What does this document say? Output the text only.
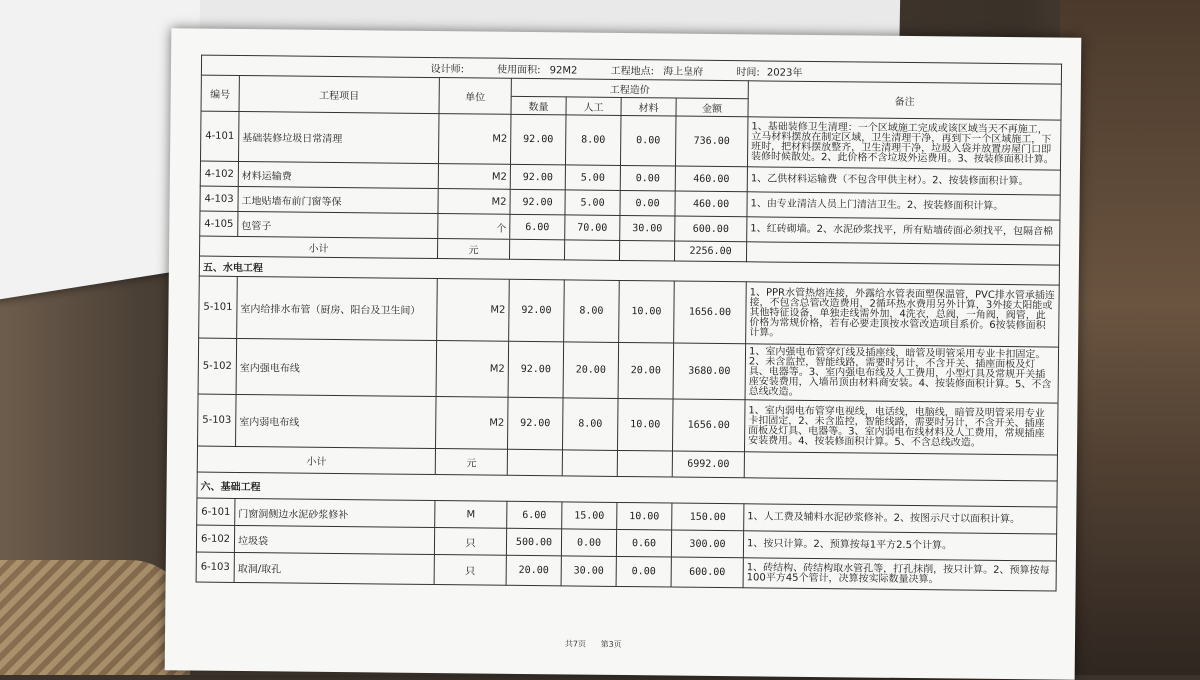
设计师: 使用面积: 92M2 工程地点: 海上皇府 时间: 2023年							
编号	工程项目	单位	工程造价				备注
			数量	人工	材料	金额	
4-101	基础装修垃圾日常清理	M2	92.00	8.00	0.00	736.00	1、基础装修卫生清理：一个区域施工完成或该区域当天不再施工，立马材料摆放在制定区域，卫生清理干净，再到下一个区域施工，下班时，把材料摆放整齐，卫生清理干净，垃圾入袋并放置房屋门口即装修时候散处。2、此价格不含垃圾外运费用。3、按装修面积计算。
4-102	材料运输费	M2	92.00	5.00	0.00	460.00	1、乙供材料运输费（不包含甲供主材）。2、按装修面积计算。
4-103	工地贴墙布前门窗等保	M2	92.00	5.00	0.00	460.00	1、由专业清洁人员上门清洁卫生。2、按装修面积计算。
4-105	包管子	个	6.00	70.00	30.00	600.00	1、红砖砌墙。2、水泥砂浆找平，所有贴墙砖面必须找平，包隔音棉
小计		元				2256.00	
五、水电工程							
5-101	室内给排水布管（厨房、阳台及卫生间）	M2	92.00	8.00	10.00	1656.00	1、PPR水管热熔连接，外露给水管表面塑保温管，PVC排水管承插连接，不包含总管改造费用，2循环热水费用另外计算，3外接太阳能或其他特征设备，单独走线需外加，4洗衣，总阀，一角阀，阀管，此价格为常规价格，若有必要走顶按水管改造项目系价。6按装修面积计算。
5-102	室内强电布线	M2	92.00	20.00	20.00	3680.00	1、室内强电布管穿灯线及插座线，暗管及明管采用专业卡扣固定。2、未含监控，智能线路，需要时另计，不含开关、插座面板及灯具、电器等。3、室内强电布线及人工费用，小型灯具及常规开关插座安装费用，入墙吊顶由材料商安装。4、按装修面积计算。5、不含总线改造。
5-103	室内弱电布线	M2	92.00	8.00	10.00	1656.00	1、室内弱电布管穿电视线，电话线，电脑线，暗管及明管采用专业卡扣固定，2、未含监控，智能线路，需要时另计，不含开关、插座面板及灯具、电器等。3、室内弱电布线材料及人工费用，常规插座安装费用。4、按装修面积计算。5、不含总线改造。
小计		元				6992.00	
六、基础工程							
6-101	门窗洞侧边水泥砂浆修补	M	6.00	15.00	10.00	150.00	1、人工费及辅料水泥砂浆修补。2、按图示尺寸以面积计算。
6-102	垃圾袋	只	500.00	0.00	0.60	300.00	1、按只计算。2、预算按每1平方2.5个计算。
6-103	取洞/取孔	只	20.00	30.00	0.00	600.00	1、砖结构、砖结构取水管孔等，打孔抹削，按只计算。2、预算按每100平方45个管计，决算按实际数量决算。
共7页 第3页
